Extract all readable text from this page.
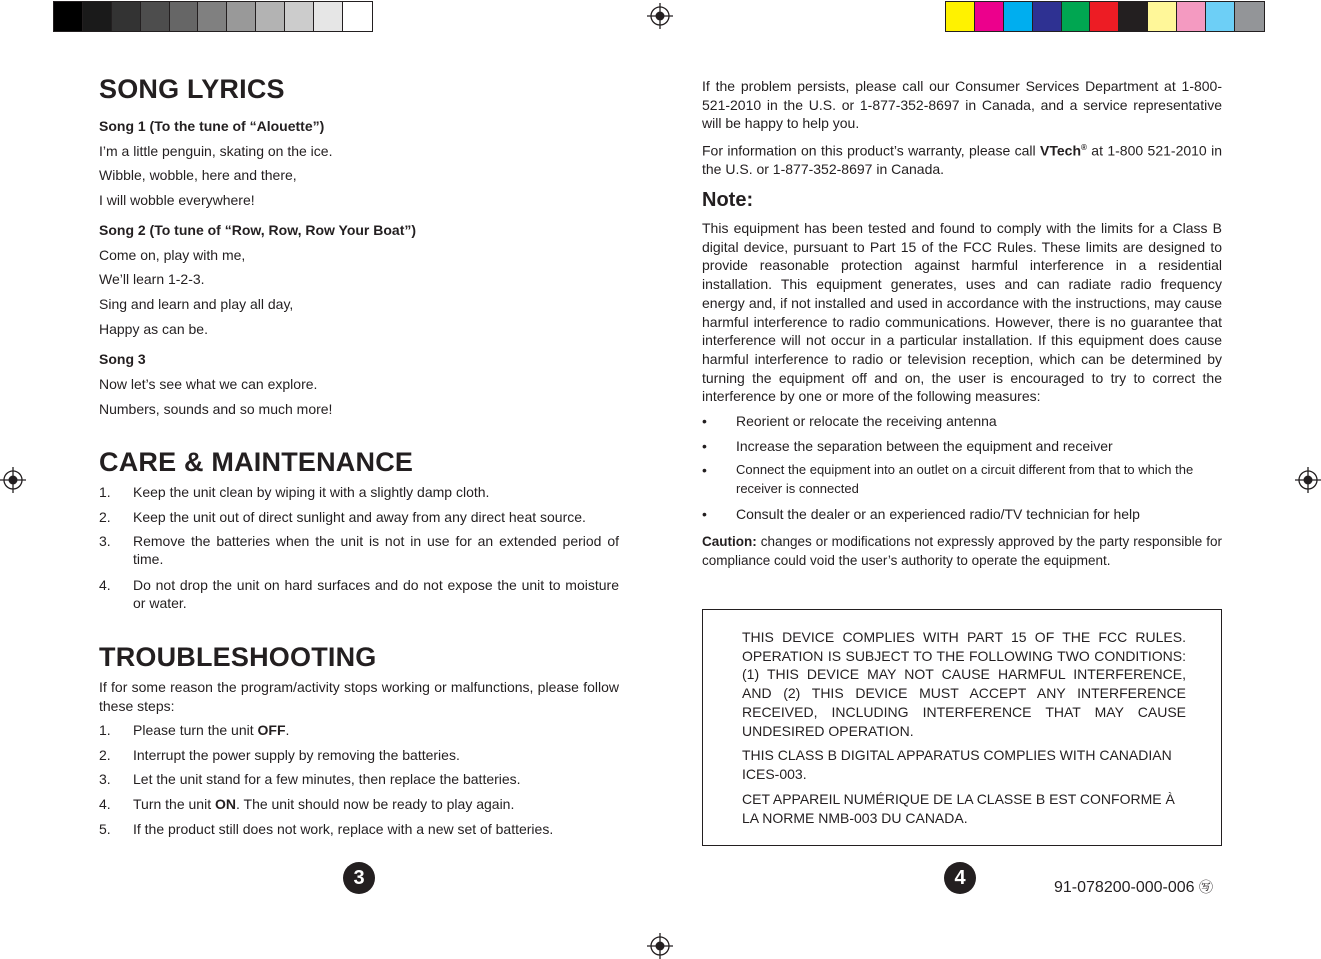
SONG LYRICS
Song 1 (To the tune of “Alouette”)
I’m a little penguin, skating on the ice.
Wibble, wobble, here and there,
I will wobble everywhere!
Song 2 (To tune of “Row, Row, Row Your Boat”)
Come on, play with me,
We’ll learn 1-2-3.
Sing and learn and play all day,
Happy as can be.
Song 3
Now let’s see what we can explore.
Numbers, sounds and so much more!
CARE & MAINTENANCE
1. Keep the unit clean by wiping it with a slightly damp cloth.
2. Keep the unit out of direct sunlight and away from any direct heat source.
3. Remove the batteries when the unit is not in use for an extended period of time.
4. Do not drop the unit on hard surfaces and do not expose the unit to moisture or water.
TROUBLESHOOTING
If for some reason the program/activity stops working or malfunctions, please follow these steps:
1. Please turn the unit OFF.
2. Interrupt the power supply by removing the batteries.
3. Let the unit stand for a few minutes, then replace the batteries.
4. Turn the unit ON. The unit should now be ready to play again.
5. If the product still does not work, replace with a new set of batteries.
3
If the problem persists, please call our Consumer Services Department at 1-800-521-2010 in the U.S. or 1-877-352-8697 in Canada, and a service representative will be happy to help you.
For information on this product’s warranty, please call VTech® at 1-800 521-2010 in the U.S. or 1-877-352-8697 in Canada.
Note:
This equipment has been tested and found to comply with the limits for a Class B digital device, pursuant to Part 15 of the FCC Rules. These limits are designed to provide reasonable protection against harmful interference in a residential installation. This equipment generates, uses and can radiate radio frequency energy and, if not installed and used in accordance with the instructions, may cause harmful interference to radio communications. However, there is no guarantee that interference will not occur in a particular installation. If this equipment does cause harmful interference to radio or television reception, which can be determined by turning the equipment off and on, the user is encouraged to try to correct the interference by one or more of the following measures:
• Reorient or relocate the receiving antenna
• Increase the separation between the equipment and receiver
• Connect the equipment into an outlet on a circuit different from that to which the receiver is connected
• Consult the dealer or an experienced radio/TV technician for help
Caution: changes or modifications not expressly approved by the party responsible for compliance could void the user’s authority to operate the equipment.
THIS DEVICE COMPLIES WITH PART 15 OF THE FCC RULES. OPERATION IS SUBJECT TO THE FOLLOWING TWO CONDITIONS: (1) THIS DEVICE MAY NOT CAUSE HARMFUL INTERFERENCE, AND (2) THIS DEVICE MUST ACCEPT ANY INTERFERENCE RECEIVED, INCLUDING INTERFERENCE THAT MAY CAUSE UNDESIRED OPERATION.
THIS CLASS B DIGITAL APPARATUS COMPLIES WITH CANADIAN ICES-003.
CET APPAREIL NUMÉRIQUE DE LA CLASSE B EST CONFORME À LA NORME NMB-003 DU CANADA.
4	91-078200-000-006 ㊢
